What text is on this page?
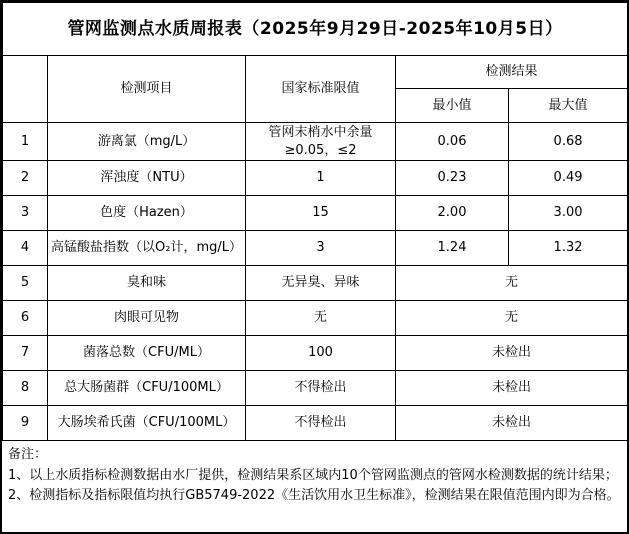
管网监测点水质周报表（2025年9月29日-2025年10月5日）				
	检测项目	国家标准限值	检测结果	
			最小值	最大值
1	游离氯（mg/L）	管网末梢水中余量≥0.05，≤2	0.06	0.68
2	浑浊度（NTU）	1	0.23	0.49
3	色度（Hazen）	15	2.00	3.00
4	高锰酸盐指数（以O₂计，mg/L）	3	1.24	1.32
5	臭和味	无异臭、异味	无	
6	肉眼可见物	无	无	
7	菌落总数（CFU/ML）	100	未检出	
8	总大肠菌群（CFU/100ML）	不得检出	未检出	
9	大肠埃希氏菌（CFU/100ML）	不得检出	未检出	
备注：
1、以上水质指标检测数据由水厂提供，检测结果系区域内10个管网监测点的管网水检测数据的统计结果；
2、检测指标及指标限值均执行GB5749-2022《生活饮用水卫生标准》，检测结果在限值范围内即为合格。
